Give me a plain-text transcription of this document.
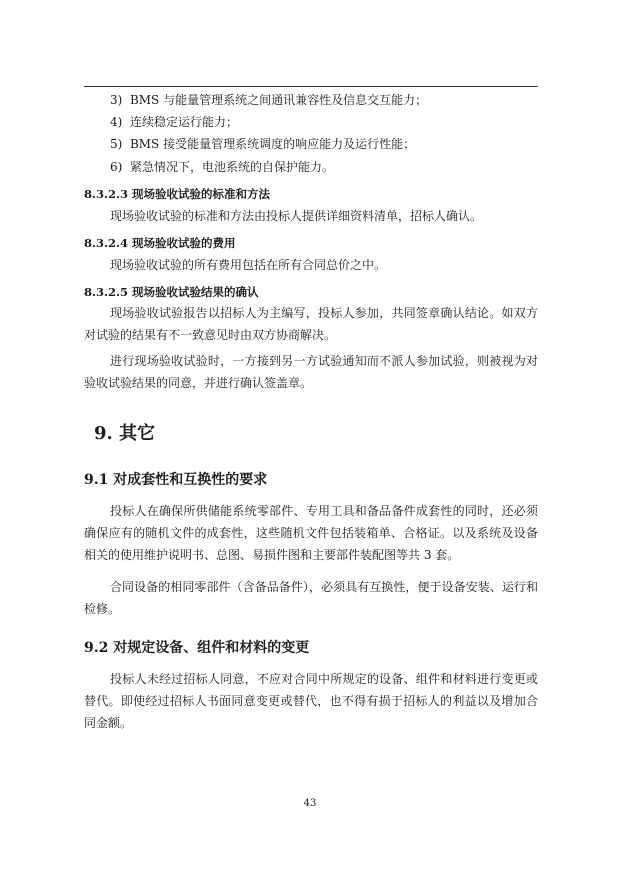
3)  BMS 与能量管理系统之间通讯兼容性及信息交互能力；
4)  连续稳定运行能力；
5)  BMS 接受能量管理系统调度的响应能力及运行性能；
6)  紧急情况下，电池系统的自保护能力。
8.3.2.3 现场验收试验的标准和方法

现场验收试验的标准和方法由投标人提供详细资料清单，招标人确认。

8.3.2.4 现场验收试验的费用

现场验收试验的所有费用包括在所有合同总价之中。

8.3.2.5 现场验收试验结果的确认

现场验收试验报告以招标人为主编写，投标人参加，共同签章确认结论。如双方对试验的结果有不一致意见时由双方协商解决。

进行现场验收试验时，一方接到另一方试验通知而不派人参加试验，则被视为对验收试验结果的同意，并进行确认签盖章。

9. 其它
9.1 对成套性和互换性的要求

投标人在确保所供储能系统零部件、专用工具和备品备件成套性的同时，还必须确保应有的随机文件的成套性，这些随机文件包括装箱单、合格证。以及系统及设备相关的使用维护说明书、总图、易损件图和主要部件装配图等共 3 套。

合同设备的相同零部件（含备品备件），必须具有互换性，便于设备安装、运行和检修。

9.2 对规定设备、组件和材料的变更

投标人未经过招标人同意，不应对合同中所规定的设备、组件和材料进行变更或替代。即使经过招标人书面同意变更或替代，也不得有损于招标人的利益以及增加合同金额。

43
